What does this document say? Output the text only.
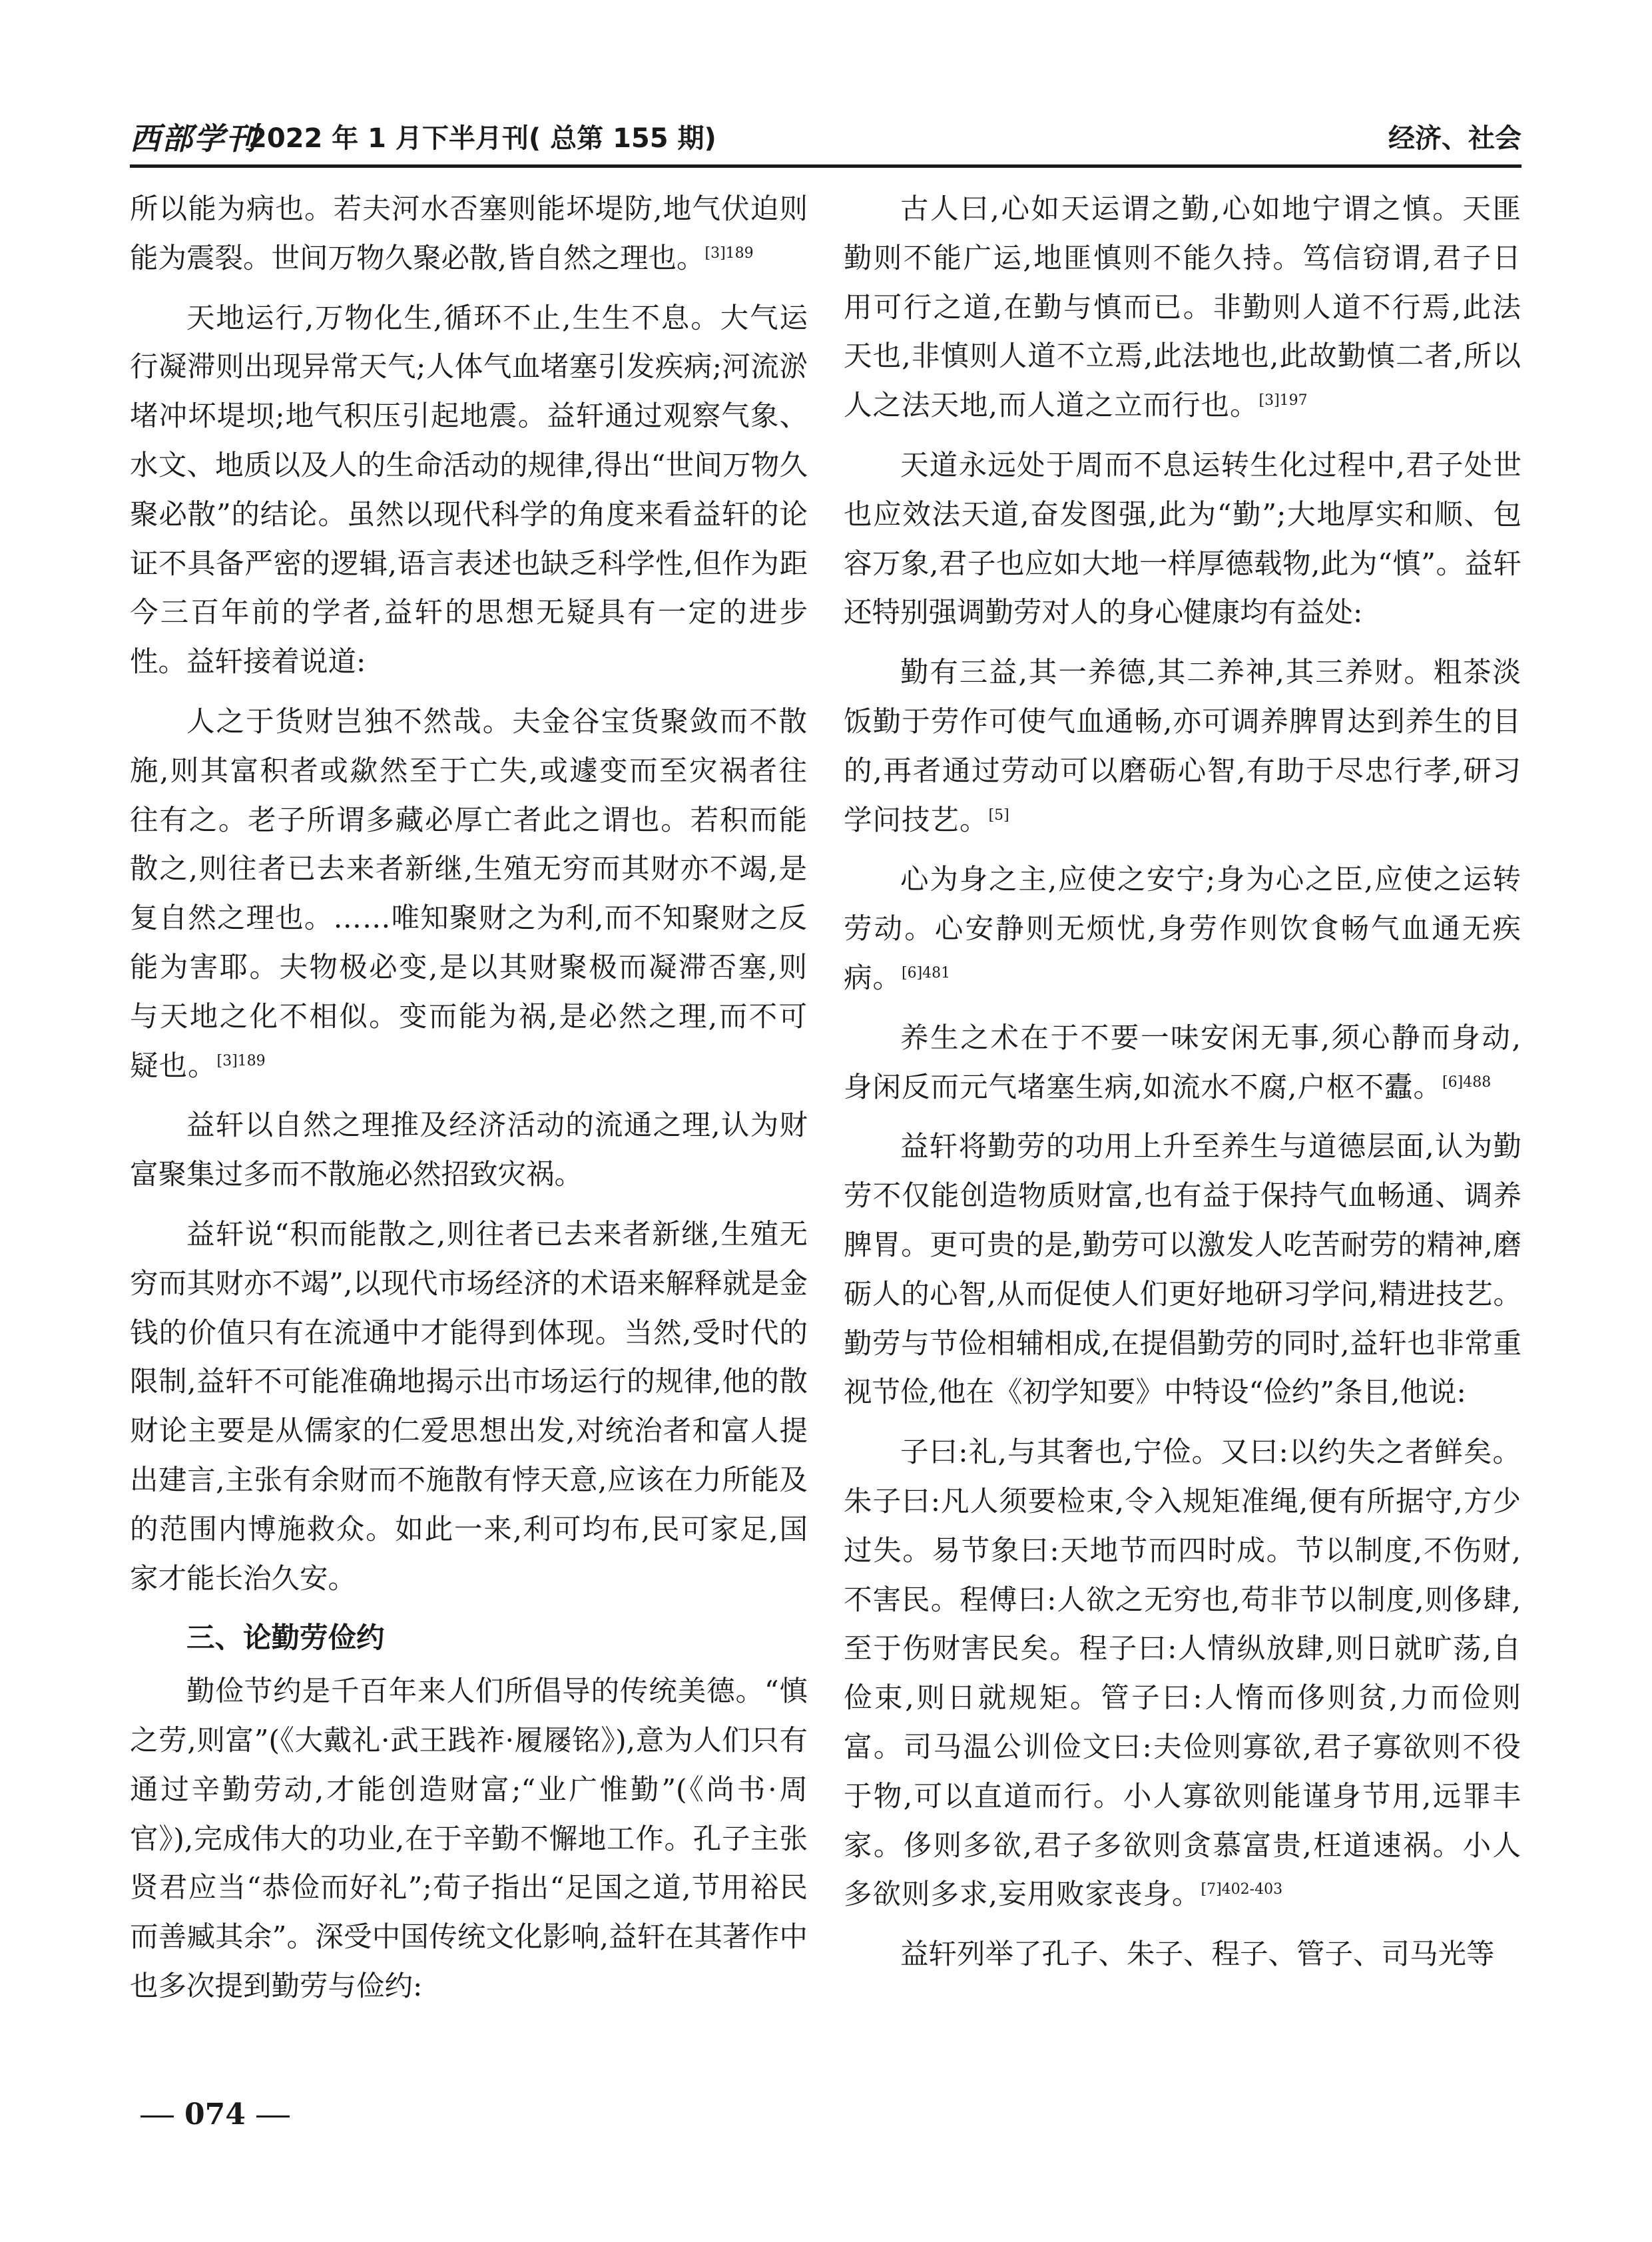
西部学刊
2022 年 1 月下半月刊( 总第 155 期)	经济、社会

所以能为病也。若夫河水否塞则能坏堤防,地气伏迫则能为震裂。世间万物久聚必散,皆自然之理也。$^{[3]189}$

天地运行,万物化生,循环不止,生生不息。大气运行凝滞则出现异常天气;人体气血堵塞引发疾病;河流淤堵冲坏堤坝;地气积压引起地震。益轩通过观察气象、水文、地质以及人的生命活动的规律,得出“世间万物久聚必散”的结论。虽然以现代科学的角度来看益轩的论证不具备严密的逻辑,语言表述也缺乏科学性,但作为距今三百年前的学者,益轩的思想无疑具有一定的进步性。益轩接着说道:

人之于货财岂独不然哉。夫金谷宝货聚敛而不散施,则其富积者或歘然至于亡失,或遽变而至灾祸者往往有之。老子所谓多藏必厚亡者此之谓也。若积而能散之,则往者已去来者新继,生殖无穷而其财亦不竭,是复自然之理也。……唯知聚财之为利,而不知聚财之反能为害耶。夫物极必变,是以其财聚极而凝滞否塞,则与天地之化不相似。变而能为祸,是必然之理,而不可疑也。$^{[3]189}$

益轩以自然之理推及经济活动的流通之理,认为财富聚集过多而不散施必然招致灾祸。

益轩说“积而能散之,则往者已去来者新继,生殖无穷而其财亦不竭”,以现代市场经济的术语来解释就是金钱的价值只有在流通中才能得到体现。当然,受时代的限制,益轩不可能准确地揭示出市场运行的规律,他的散财论主要是从儒家的仁爱思想出发,对统治者和富人提出建言,主张有余财而不施散有悖天意,应该在力所能及的范围内博施救众。如此一来,利可均布,民可家足,国家才能长治久安。

三、论勤劳俭约

勤俭节约是千百年来人们所倡导的传统美德。“慎之劳,则富”(《大戴礼·武王践祚·履屦铭》),意为人们只有通过辛勤劳动,才能创造财富;“业广惟勤”(《尚书·周官》),完成伟大的功业,在于辛勤不懈地工作。孔子主张贤君应当“恭俭而好礼”;荀子指出“足国之道,节用裕民而善臧其余”。深受中国传统文化影响,益轩在其著作中也多次提到勤劳与俭约:

古人曰,心如天运谓之勤,心如地宁谓之慎。天匪勤则不能广运,地匪慎则不能久持。笃信窃谓,君子日用可行之道,在勤与慎而已。非勤则人道不行焉,此法天也,非慎则人道不立焉,此法地也,此故勤慎二者,所以人之法天地,而人道之立而行也。$^{[3]197}$

天道永远处于周而不息运转生化过程中,君子处世也应效法天道,奋发图强,此为“勤”;大地厚实和顺、包容万象,君子也应如大地一样厚德载物,此为“慎”。益轩还特别强调勤劳对人的身心健康均有益处:

勤有三益,其一养德,其二养神,其三养财。粗茶淡饭勤于劳作可使气血通畅,亦可调养脾胃达到养生的目的,再者通过劳动可以磨砺心智,有助于尽忠行孝,研习学问技艺。[5]

心为身之主,应使之安宁;身为心之臣,应使之运转劳动。心安静则无烦忧,身劳作则饮食畅气血通无疾病。$^{[6]481}$

养生之术在于不要一味安闲无事,须心静而身动,身闲反而元气堵塞生病,如流水不腐,户枢不蠹。$^{[6]488}$

益轩将勤劳的功用上升至养生与道德层面,认为勤劳不仅能创造物质财富,也有益于保持气血畅通、调养脾胃。更可贵的是,勤劳可以激发人吃苦耐劳的精神,磨砺人的心智,从而促使人们更好地研习学问,精进技艺。勤劳与节俭相辅相成,在提倡勤劳的同时,益轩也非常重视节俭,他在《初学知要》中特设“俭约”条目,他说:

子曰:礼,与其奢也,宁俭。又曰:以约失之者鲜矣。朱子曰:凡人须要检束,令入规矩准绳,便有所据守,方少过失。易节象曰:天地节而四时成。节以制度,不伤财,不害民。程傅曰:人欲之无穷也,苟非节以制度,则侈肆,至于伤财害民矣。程子曰:人情纵放肆,则日就旷荡,自俭束,则日就规矩。管子曰:人惰而侈则贫,力而俭则富。司马温公训俭文曰:夫俭则寡欲,君子寡欲则不役于物,可以直道而行。小人寡欲则能谨身节用,远罪丰家。侈则多欲,君子多欲则贪慕富贵,枉道速祸。小人多欲则多求,妄用败家丧身。$^{[7]402-403}$

益轩列举了孔子、朱子、程子、管子、司马光等

074
